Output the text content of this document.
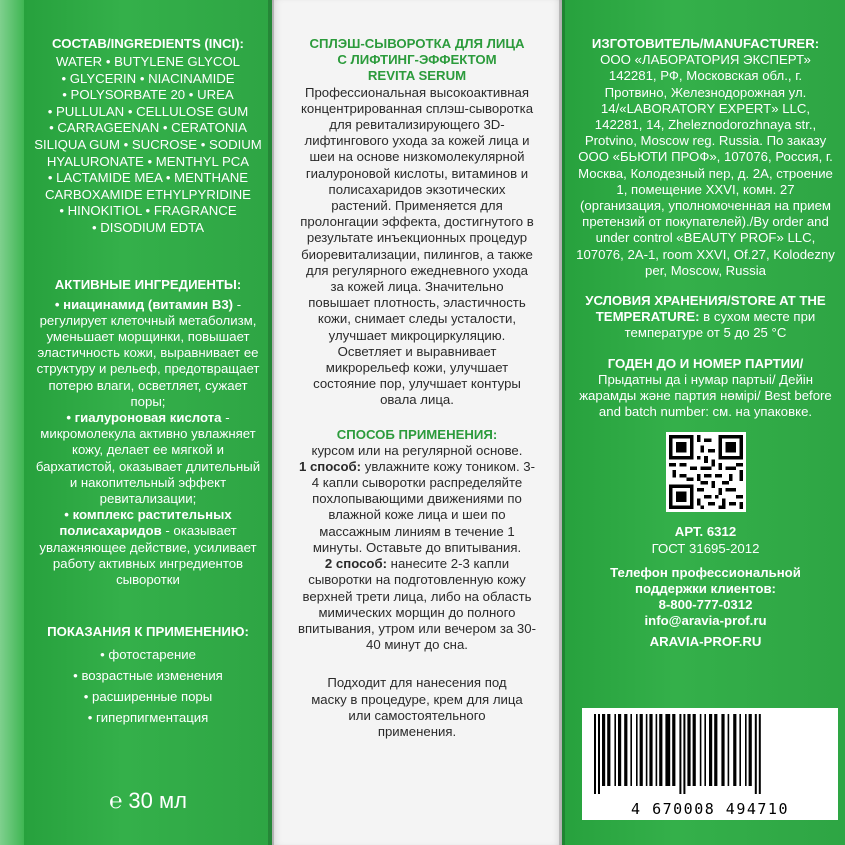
СОСТАВ/INGREDIENTS (INCI):
WATER • BUTYLENE GLYCOL
• GLYCERIN • NIACINAMIDE
• POLYSORBATE 20 • UREA
• PULLULAN • CELLULOSE GUM
• CARRAGEENAN • CERATONIA
SILIQUA GUM • SUCROSE • SODIUM
HYALURONATE • MENTHYL PCA
• LACTAMIDE MEA • MENTHANE
CARBOXAMIDE ETHYLPYRIDINE
• HINOKITIOL • FRAGRANCE
• DISODIUM EDTA
АКТИВНЫЕ ИНГРЕДИЕНТЫ:
• ниацинамид (витамин B3) - регулирует клеточный метаболизм, уменьшает морщинки, повышает эластичность кожи, выравнивает ее структуру и рельеф, предотвращает потерю влаги, осветляет, сужает поры;
• гиалуроновая кислота - микромолекула активно увлажняет кожу, делает ее мягкой и бархатистой, оказывает длительный и накопительный эффект ревитализации;
• комплекс растительных полисахаридов - оказывает увлажняющее действие, усиливает работу активных ингредиентов сыворотки
ПОКАЗАНИЯ К ПРИМЕНЕНИЮ:
• фотостарение
• возрастные изменения
• расширенные поры
• гиперпигментация
℮ 30 мл
СПЛЭШ-СЫВОРОТКА ДЛЯ ЛИЦА
С ЛИФТИНГ-ЭФФЕКТОМ
REVITA SERUM
Профессиональная высокоактивная концентрированная сплэш-сыворотка для ревитализирующего 3D-лифтингового ухода за кожей лица и шеи на основе низкомолекулярной гиалуроновой кислоты, витаминов и полисахаридов экзотических растений. Применяется для пролонгации эффекта, достигнутого в результате инъекционных процедур биоревитализации, пилингов, а также для регулярного ежедневного ухода за кожей лица. Значительно повышает плотность, эластичность кожи, снимает следы усталости, улучшает микроциркуляцию. Осветляет и выравнивает микрорельеф кожи, улучшает состояние пор, улучшает контуры овала лица.
СПОСОБ ПРИМЕНЕНИЯ:
курсом или на регулярной основе.
1 способ: увлажните кожу тоником. 3-4 капли сыворотки распределяйте похлопывающими движениями по влажной коже лица и шеи по массажным линиям в течение 1 минуты. Оставьте до впитывания.
2 способ: нанесите 2-3 капли сыворотки на подготовленную кожу верхней трети лица, либо на область мимических морщин до полного впитывания, утром или вечером за 30-40 минут до сна.
Подходит для нанесения под маску в процедуре, крем для лица или самостоятельного применения.
ИЗГОТОВИТЕЛЬ/MANUFACTURER:
ООО «ЛАБОРАТОРИЯ ЭКСПЕРТ» 142281, РФ, Московская обл., г. Протвино, Железнодорожная ул. 14/«LABORATORY EXPERT» LLC, 142281, 14, Zheleznodorozhnaya str., Protvino, Moscow reg. Russia. По заказу ООО «БЬЮТИ ПРОФ», 107076, Россия, г. Москва, Колодезный пер, д. 2А, строение 1, помещение XXVI, комн. 27 (организация, уполномоченная на прием претензий от покупателей)./By order and under control «BEAUTY PROF» LLC, 107076, 2А-1, room XXVI, Of.27, Kolodezny per, Moscow, Russia
УСЛОВИЯ ХРАНЕНИЯ/STORE AT THE TEMPERATURE: в сухом месте при температуре от 5 до 25 °С
ГОДЕН ДО И НОМЕР ПАРТИИ/
Прыдатны да і нумар партыі/ Дейін жарамды және партия нөмірі/ Best before and batch number: см. на упаковке.
АРТ. 6312
ГОСТ 31695-2012
Телефон профессиональной поддержки клиентов:
8-800-777-0312
info@aravia-prof.ru
ARAVIA-PROF.RU
4 670008 494710
